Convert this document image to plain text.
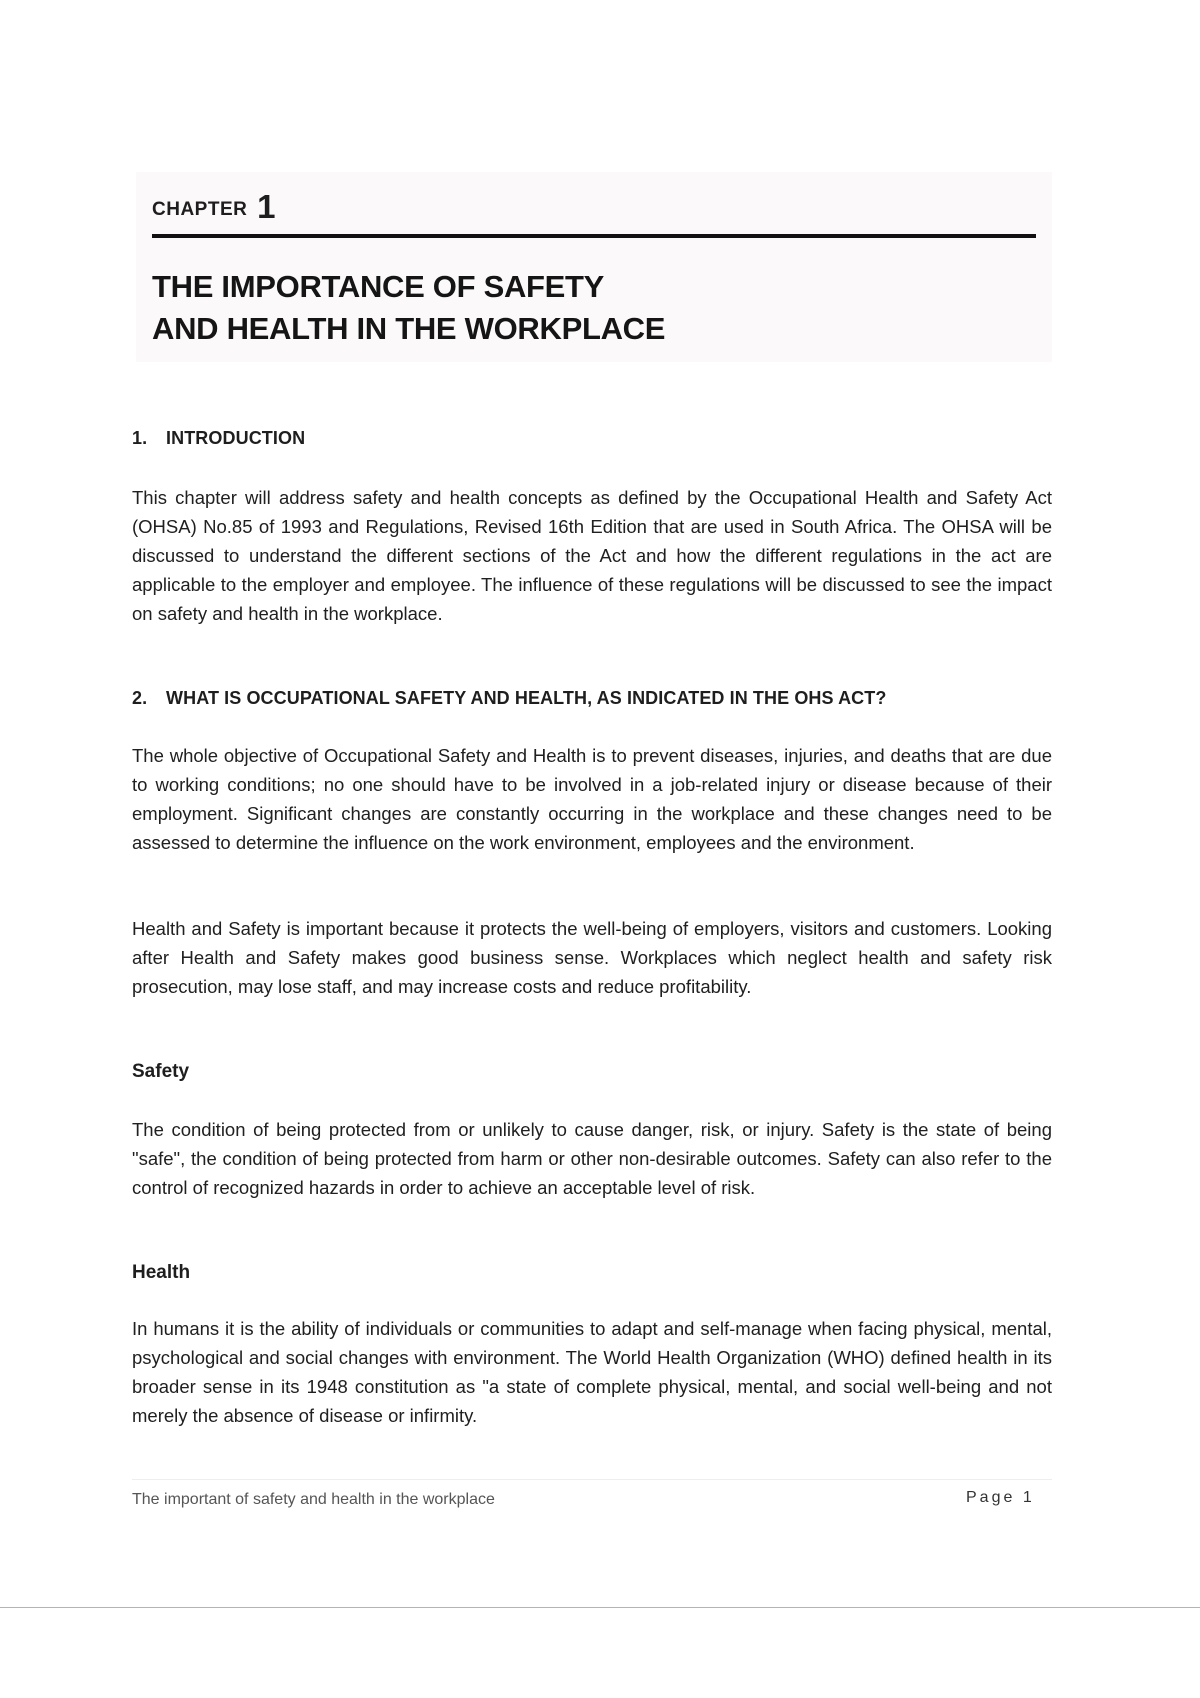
CHAPTER 1
THE IMPORTANCE OF SAFETY
AND HEALTH IN THE WORKPLACE
1. INTRODUCTION

This chapter will address safety and health concepts as defined by the Occupational Health and Safety Act (OHSA) No.85 of 1993 and Regulations, Revised 16th Edition that are used in South Africa. The OHSA will be discussed to understand the different sections of the Act and how the different regulations in the act are applicable to the employer and employee. The influence of these regulations will be discussed to see the impact on safety and health in the workplace.

2. WHAT IS OCCUPATIONAL SAFETY AND HEALTH, AS INDICATED IN THE OHS ACT?

The whole objective of Occupational Safety and Health is to prevent diseases, injuries, and deaths that are due to working conditions; no one should have to be involved in a job-related injury or disease because of their employment. Significant changes are constantly occurring in the workplace and these changes need to be assessed to determine the influence on the work environment, employees and the environment.

Health and Safety is important because it protects the well-being of employers, visitors and customers. Looking after Health and Safety makes good business sense. Workplaces which neglect health and safety risk prosecution, may lose staff, and may increase costs and reduce profitability.

Safety

The condition of being protected from or unlikely to cause danger, risk, or injury. Safety is the state of being "safe", the condition of being protected from harm or other non-desirable outcomes. Safety can also refer to the control of recognized hazards in order to achieve an acceptable level of risk.

Health

In humans it is the ability of individuals or communities to adapt and self-manage when facing physical, mental, psychological and social changes with environment. The World Health Organization (WHO) defined health in its broader sense in its 1948 constitution as "a state of complete physical, mental, and social well-being and not merely the absence of disease or infirmity.

The important of safety and health in the workplace	Page 1
